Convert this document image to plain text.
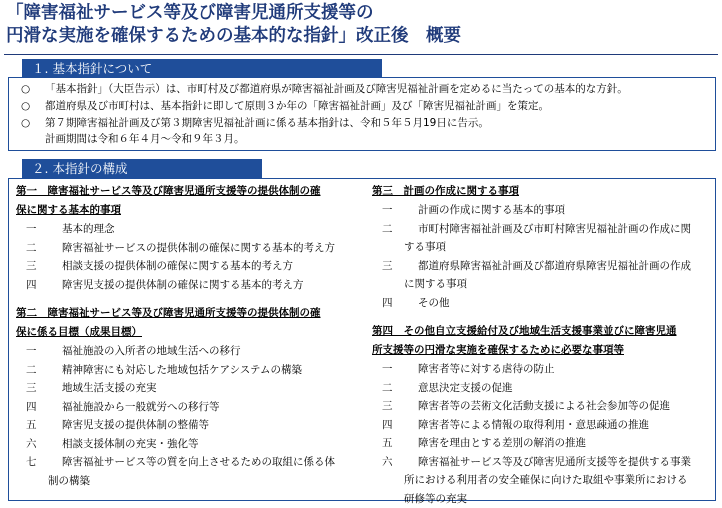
「障害福祉サービス等及び障害児通所支援等の
円滑な実施を確保するための基本的な指針」改正後　概要
１. 基本指針について
○	「基本指針」（大臣告示）は、市町村及び都道府県が障害福祉計画及び障害児福祉計画を定めるに当たっての基本的な方針。
○	都道府県及び市町村は、基本指針に即して原則３か年の「障害福祉計画」及び「障害児福祉計画」を策定。
○	第７期障害福祉計画及び第３期障害児福祉計画に係る基本指針は、令和５年５月19日に告示。
計画期間は令和６年４月～令和９年３月。
２. 本指針の構成
第一　障害福祉サービス等及び障害児通所支援等の提供体制の確
保に関する基本的事項
一	基本的理念
二	障害福祉サービスの提供体制の確保に関する基本的考え方
三	相談支援の提供体制の確保に関する基本的考え方
四	障害児支援の提供体制の確保に関する基本的考え方
第二　障害福祉サービス等及び障害児通所支援等の提供体制の確
保に係る目標（成果目標）
一	福祉施設の入所者の地域生活への移行
二	精神障害にも対応した地域包括ケアシステムの構築
三	地域生活支援の充実
四	福祉施設から一般就労への移行等
五	障害児支援の提供体制の整備等
六	相談支援体制の充実・強化等
七	障害福祉サービス等の質を向上させるための取組に係る体
制の構築
第三　計画の作成に関する事項
一	計画の作成に関する基本的事項
二	市町村障害福祉計画及び市町村障害児福祉計画の作成に関
する事項
三	都道府県障害福祉計画及び都道府県障害児福祉計画の作成
に関する事項
四	その他
第四　その他自立支援給付及び地域生活支援事業並びに障害児通
所支援等の円滑な実施を確保するために必要な事項等
一	障害者等に対する虐待の防止
二	意思決定支援の促進
三	障害者等の芸術文化活動支援による社会参加等の促進
四	障害者等による情報の取得利用・意思疎通の推進
五	障害を理由とする差別の解消の推進
六	障害福祉サービス等及び障害児通所支援等を提供する事業
所における利用者の安全確保に向けた取組や事業所における
研修等の充実
